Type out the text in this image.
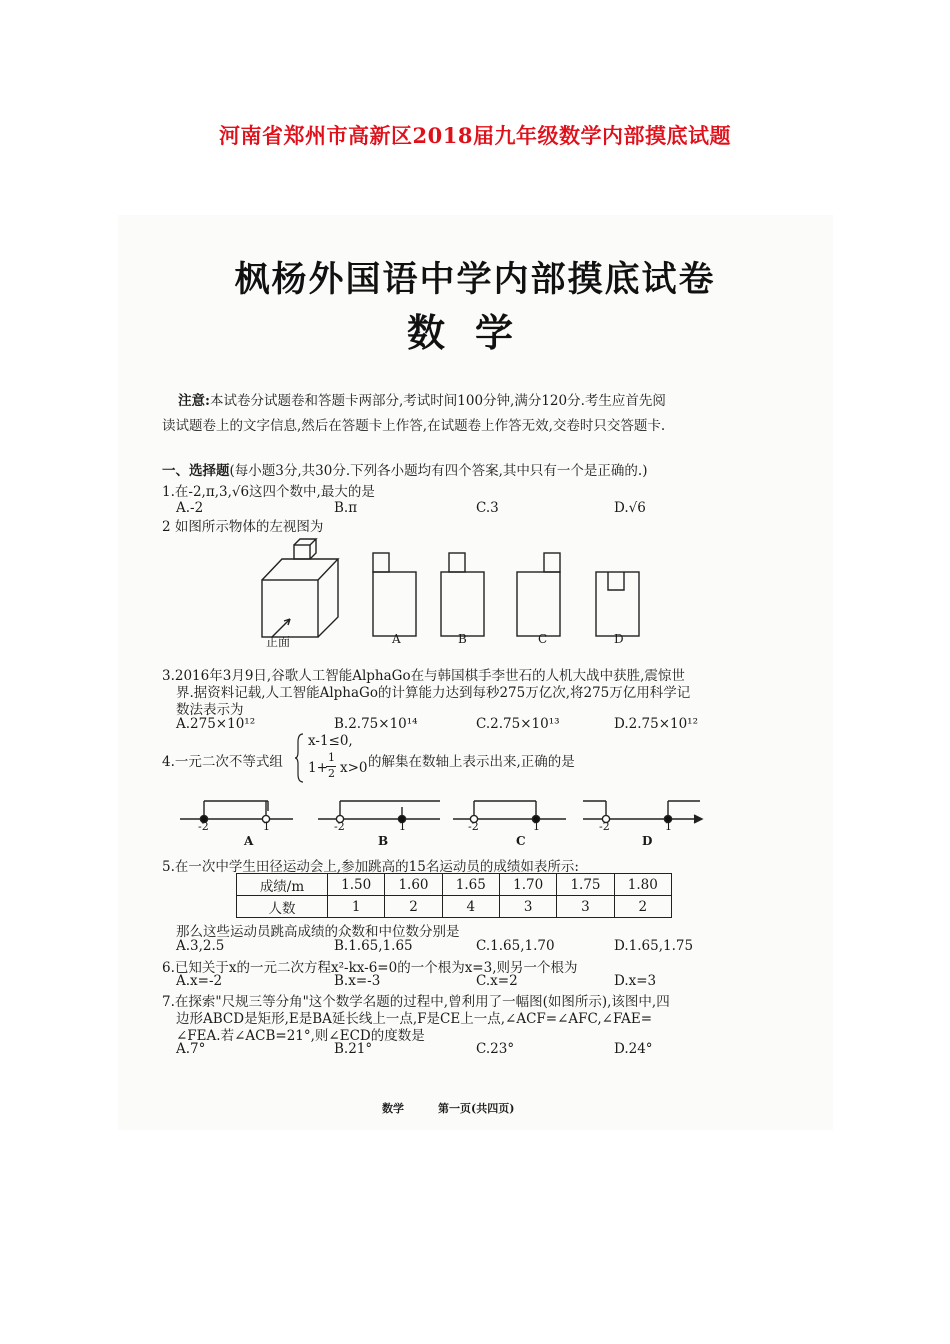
河南省郑州市高新区2018届九年级数学内部摸底试题
枫杨外国语中学内部摸底试卷
数学
注意:本试卷分试题卷和答题卡两部分,考试时间100分钟,满分120分.考生应首先阅
读试题卷上的文字信息,然后在答题卡上作答,在试题卷上作答无效,交卷时只交答题卡.
一、选择题(每小题3分,共30分.下列各小题均有四个答案,其中只有一个是正确的.)
1.在-2,π,3,√6这四个数中,最大的是
A.-2	B.π	C.3	D.√6
2 如图所示物体的左视图为
正面	A	B	C	D
3.2016年3月9日,谷歌人工智能AlphaGo在与韩国棋手李世石的人机大战中获胜,震惊世
界.据资料记载,人工智能AlphaGo的计算能力达到每秒275万亿次,将275万亿用科学记
数法表示为
A.275×10¹²	B.2.75×10¹⁴	C.2.75×10¹³	D.2.75×10¹²
4.一元二次不等式组
x-1≤0,
1+
1
2 x>0 的解集在数轴上表示出来,正确的是
-2	1	-2	1	-2	1	-2	1
A	B	C	D
5.在一次中学生田径运动会上,参加跳高的15名运动员的成绩如表所示:
成绩/m	1.50	1.60	1.65	1.70	1.75	1.80
人数	1	2	4	3	3	2
那么这些运动员跳高成绩的众数和中位数分别是
A.3,2.5	B.1.65,1.65	C.1.65,1.70	D.1.65,1.75
6.已知关于x的一元二次方程x²-kx-6=0的一个根为x=3,则另一个根为
A.x=-2	B.x=-3	C.x=2	D.x=3
7.在探索"尺规三等分角"这个数学名题的过程中,曾利用了一幅图(如图所示),该图中,四
边形ABCD是矩形,E是BA延长线上一点,F是CE上一点,∠ACF=∠AFC,∠FAE=
∠FEA.若∠ACB=21°,则∠ECD的度数是
A.7°	B.21°	C.23°	D.24°
数学	第一页(共四页)
